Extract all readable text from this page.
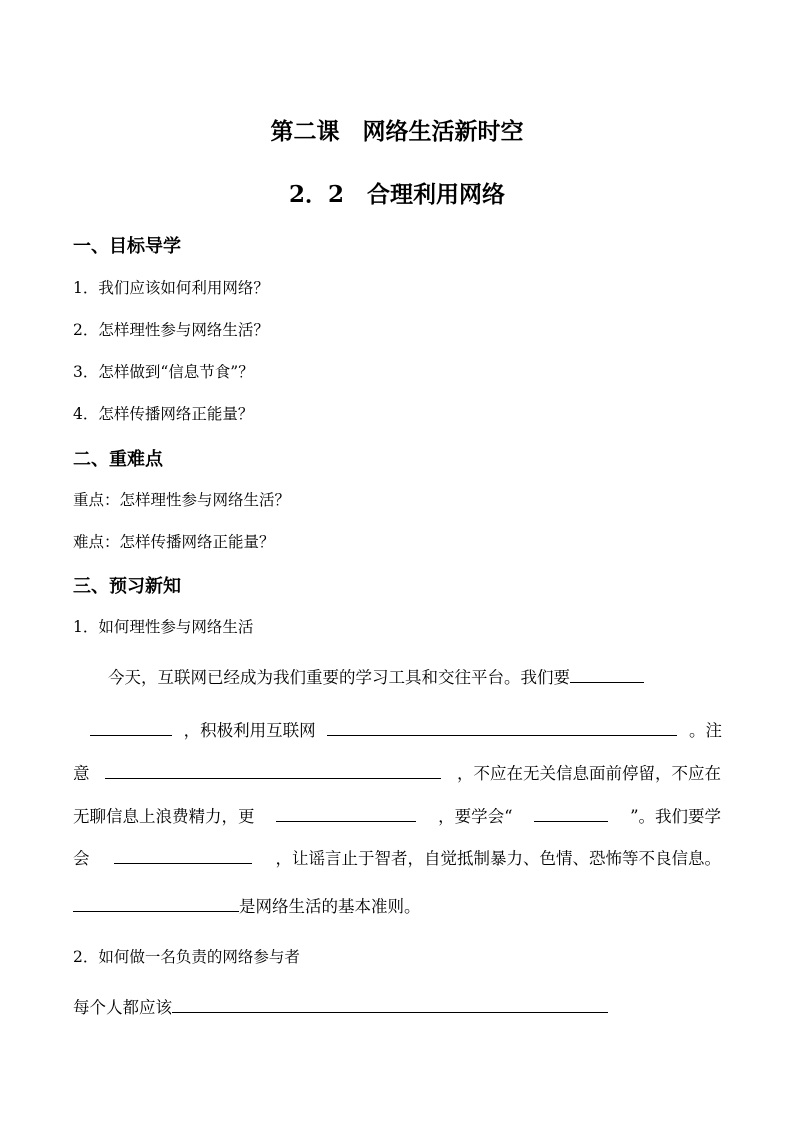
第二课　网络生活新时空
2．2　合理利用网络
一、目标导学
1．我们应该如何利用网络？
2．怎样理性参与网络生活？
3．怎样做到“信息节食”？
4．怎样传播网络正能量？
二、重难点
重点：怎样理性参与网络生活？
难点：怎样传播网络正能量？
三、预习新知
1．如何理性参与网络生活
今天，互联网已经成为我们重要的学习工具和交往平台。我们要
，积极利用互联网	。注
意	，不应在无关信息面前停留，不应在
无聊信息上浪费精力，更	，要学会“	”。我们要学
会	，让谣言止于智者，自觉抵制暴力、色情、恐怖等不良信息。
是网络生活的基本准则。
2．如何做一名负责的网络参与者
每个人都应该
